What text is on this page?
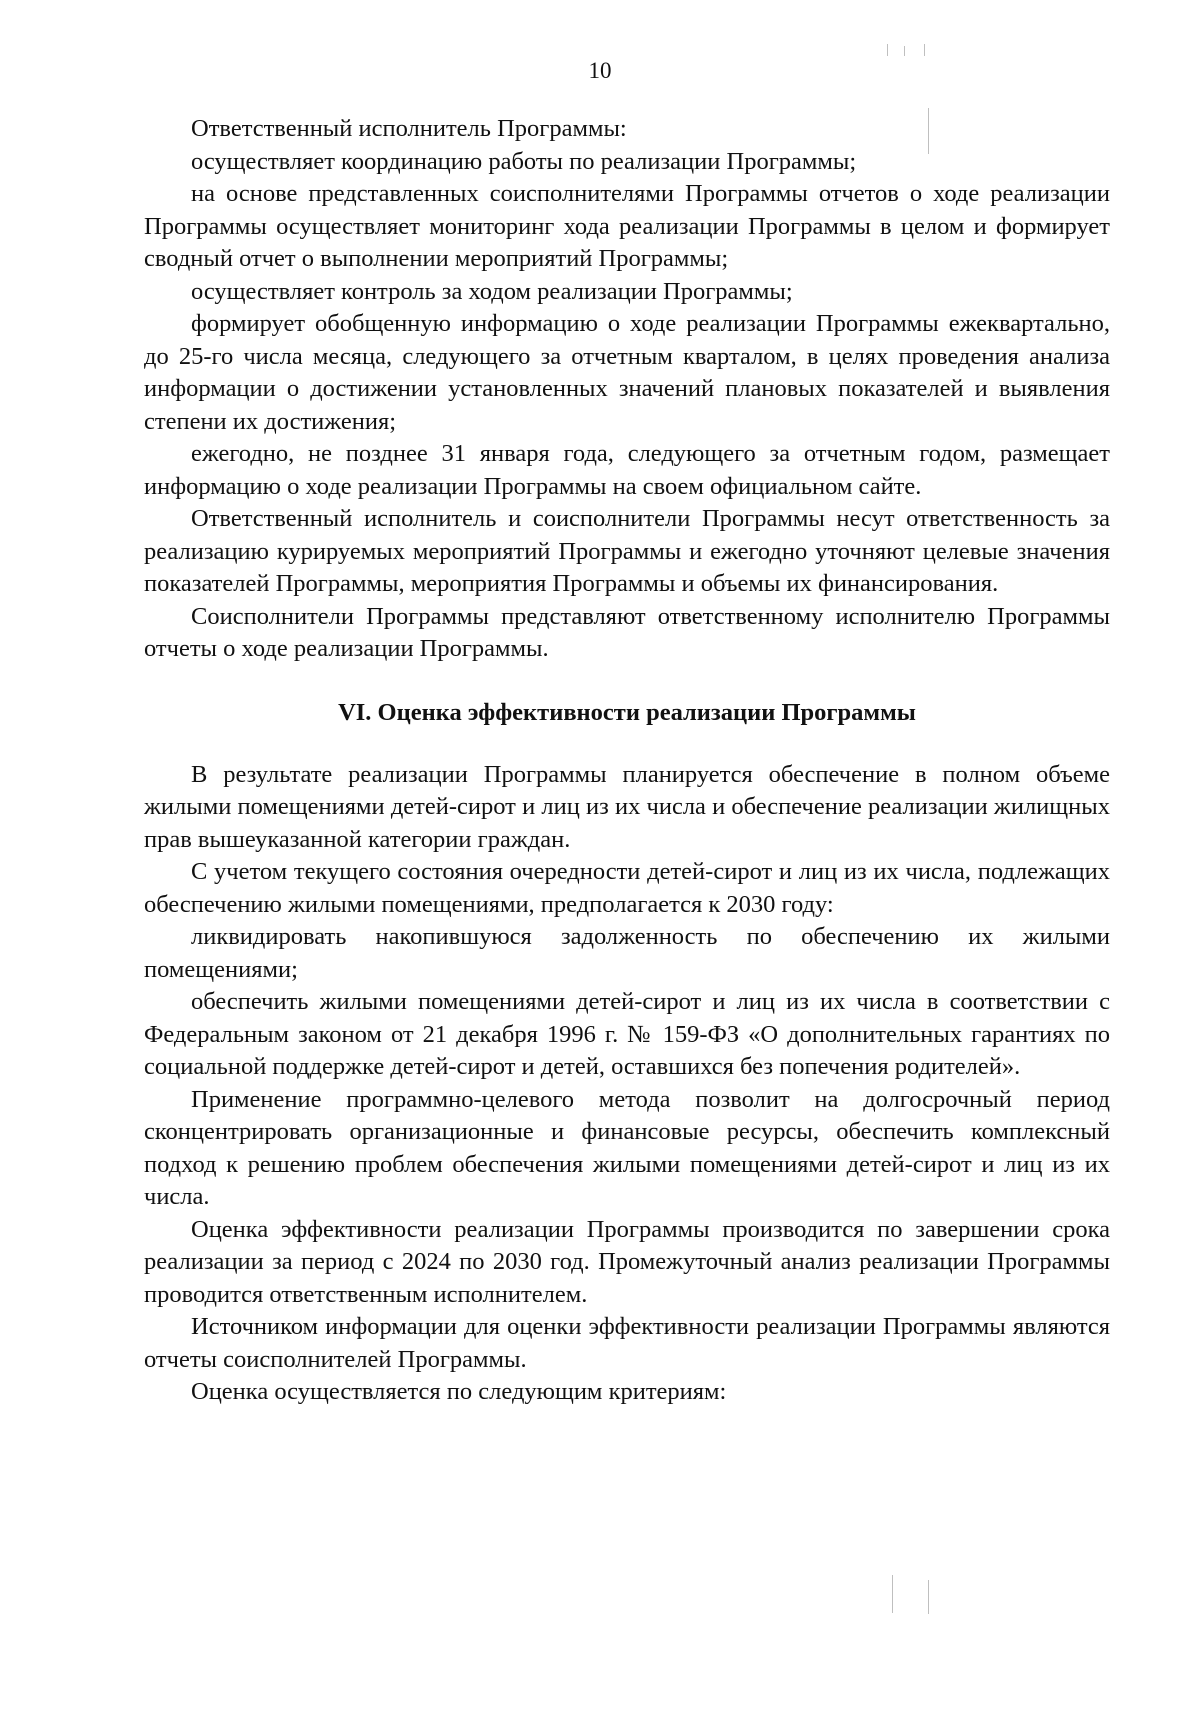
10

Ответственный исполнитель Программы:

осуществляет координацию работы по реализации Программы;

на основе представленных соисполнителями Программы отчетов о ходе реализации Программы осуществляет мониторинг хода реализации Программы в целом и формирует сводный отчет о выполнении мероприятий Программы;

осуществляет контроль за ходом реализации Программы;

формирует обобщенную информацию о ходе реализации Программы ежеквартально, до 25-го числа месяца, следующего за отчетным кварталом, в целях проведения анализа информации о достижении установленных значений плановых показателей и выявления степени их достижения;

ежегодно, не позднее 31 января года, следующего за отчетным годом, размещает информацию о ходе реализации Программы на своем официальном сайте.

Ответственный исполнитель и соисполнители Программы несут ответственность за реализацию курируемых мероприятий Программы и ежегодно уточняют целевые значения показателей Программы, мероприятия Программы и объемы их финансирования.

Соисполнители Программы представляют ответственному исполнителю Программы отчеты о ходе реализации Программы.

VI. Оценка эффективности реализации Программы

В результате реализации Программы планируется обеспечение в полном объеме жилыми помещениями детей-сирот и лиц из их числа и обеспечение реализации жилищных прав вышеуказанной категории граждан.

С учетом текущего состояния очередности детей-сирот и лиц из их числа, подлежащих обеспечению жилыми помещениями, предполагается к 2030 году:

ликвидировать накопившуюся задолженность по обеспечению их жилыми помещениями;

обеспечить жилыми помещениями детей-сирот и лиц из их числа в соответствии с Федеральным законом от 21 декабря 1996 г. № 159-ФЗ «О дополнительных гарантиях по социальной поддержке детей-сирот и детей, оставшихся без попечения родителей».

Применение программно-целевого метода позволит на долгосрочный период сконцентрировать организационные и финансовые ресурсы, обеспечить комплексный подход к решению проблем обеспечения жилыми помещениями детей-сирот и лиц из их числа.

Оценка эффективности реализации Программы производится по завершении срока реализации за период с 2024 по 2030 год. Промежуточный анализ реализации Программы проводится ответственным исполнителем.

Источником информации для оценки эффективности реализации Программы являются отчеты соисполнителей Программы.

Оценка осуществляется по следующим критериям:
